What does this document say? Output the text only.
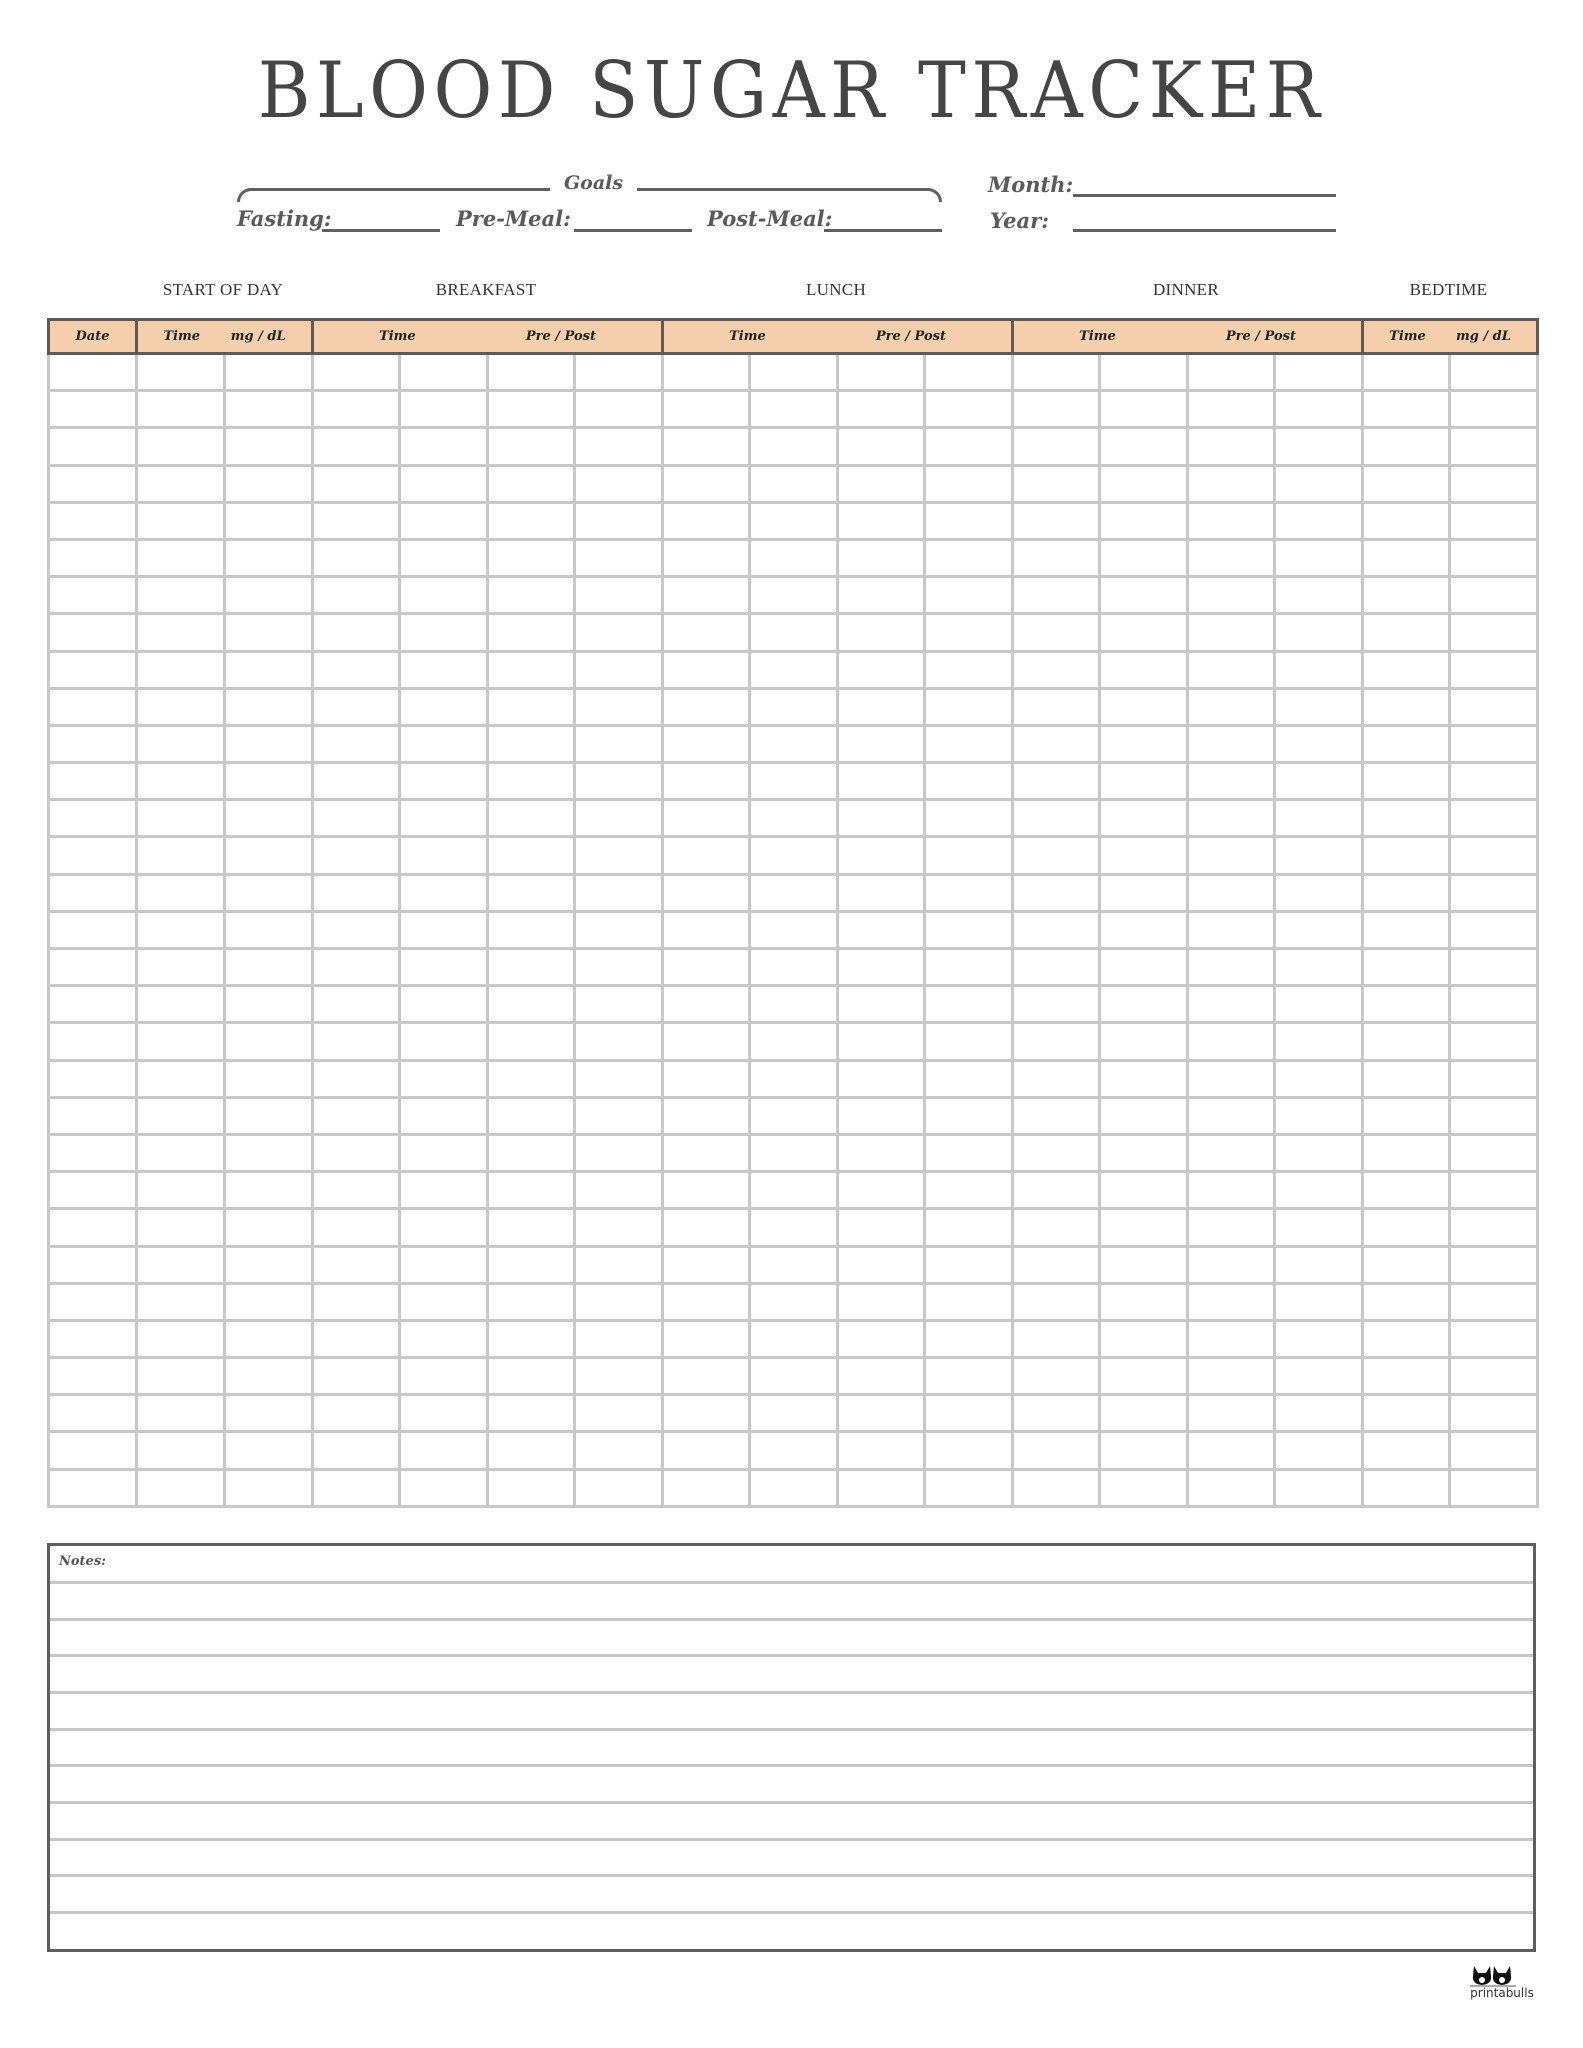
BLOOD SUGAR TRACKER
Goals
Fasting:	Pre-Meal:	Post-Meal:
Month:
Year:
START OF DAY	BREAKFAST	LUNCH	DINNER	BEDTIME
Date	Time mg / dL		Time Pre / Post				Time Pre / Post				Time Pre / Post				Time mg / dL	

Notes:
printabulls
